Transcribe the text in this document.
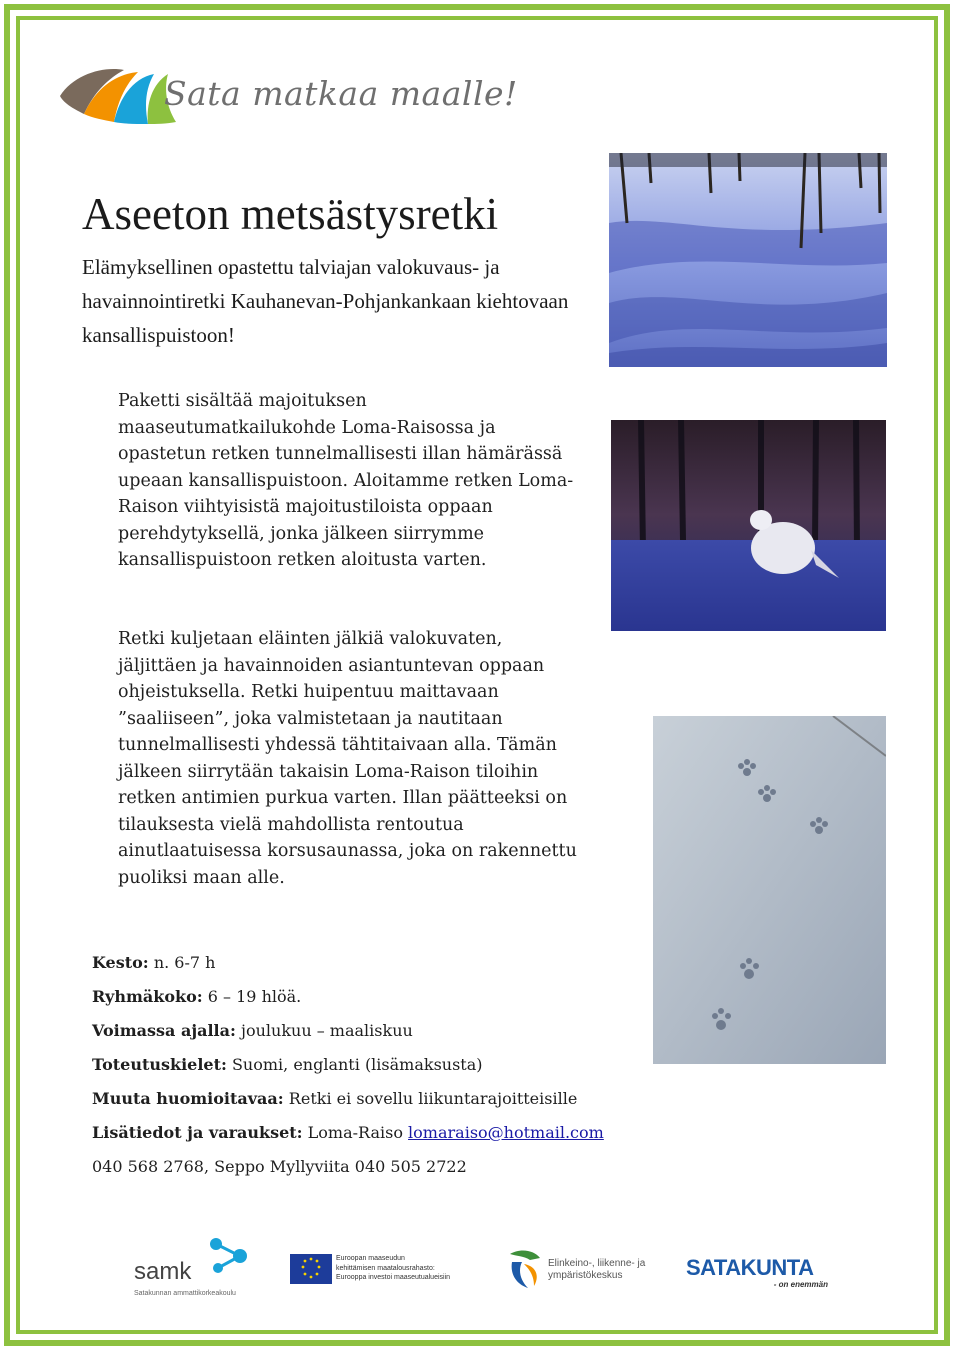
Sata matkaa maalle!
Aseeton metsästysretki

Elämyksellinen opastettu talviajan valokuvaus- ja havainnointiretki Kauhanevan-Pohjankankaan kiehtovaan kansallispuistoon!

Paketti sisältää majoituksen maaseutumatkailukohde Loma-Raisossa ja opastetun retken tunnelmallisesti illan hämärässä upeaan kansallispuistoon. Aloitamme retken Loma-Raison viihtyisistä majoitustiloista oppaan perehdytyksellä, jonka jälkeen siirrymme kansallispuistoon retken aloitusta varten.

Retki kuljetaan eläinten jälkiä valokuvaten, jäljittäen ja havainnoiden asiantuntevan oppaan ohjeistuksella. Retki huipentuu maittavaan ”saaliiseen”, joka valmistetaan ja nautitaan tunnelmallisesti yhdessä tähtitaivaan alla. Tämän jälkeen siirrytään takaisin Loma-Raison tiloihin retken antimien purkua varten. Illan päätteeksi on tilauksesta vielä mahdollista rentoutua ainutlaatuisessa korsusaunassa, joka on rakennettu puoliksi maan alle.

Kesto: n. 6-7 h
Ryhmäkoko: 6 – 19 hlöä.
Voimassa ajalla: joulukuu – maaliskuu
Toteutuskielet: Suomi, englanti (lisämaksusta)
Muuta huomioitavaa: Retki ei sovellu liikuntarajoitteisille
Lisätiedot ja varaukset: Loma-Raiso lomaraiso@hotmail.com
040 568 2768, Seppo Myllyviita 040 505 2722
samk
Satakunnan ammattikorkeakoulu
Euroopan maaseudun
kehittämisen maatalousrahasto:
Eurooppa investoi maaseutualueisiin
Elinkeino-, liikenne- ja
ympäristökeskus	SATAKUNTA
- on enemmän
